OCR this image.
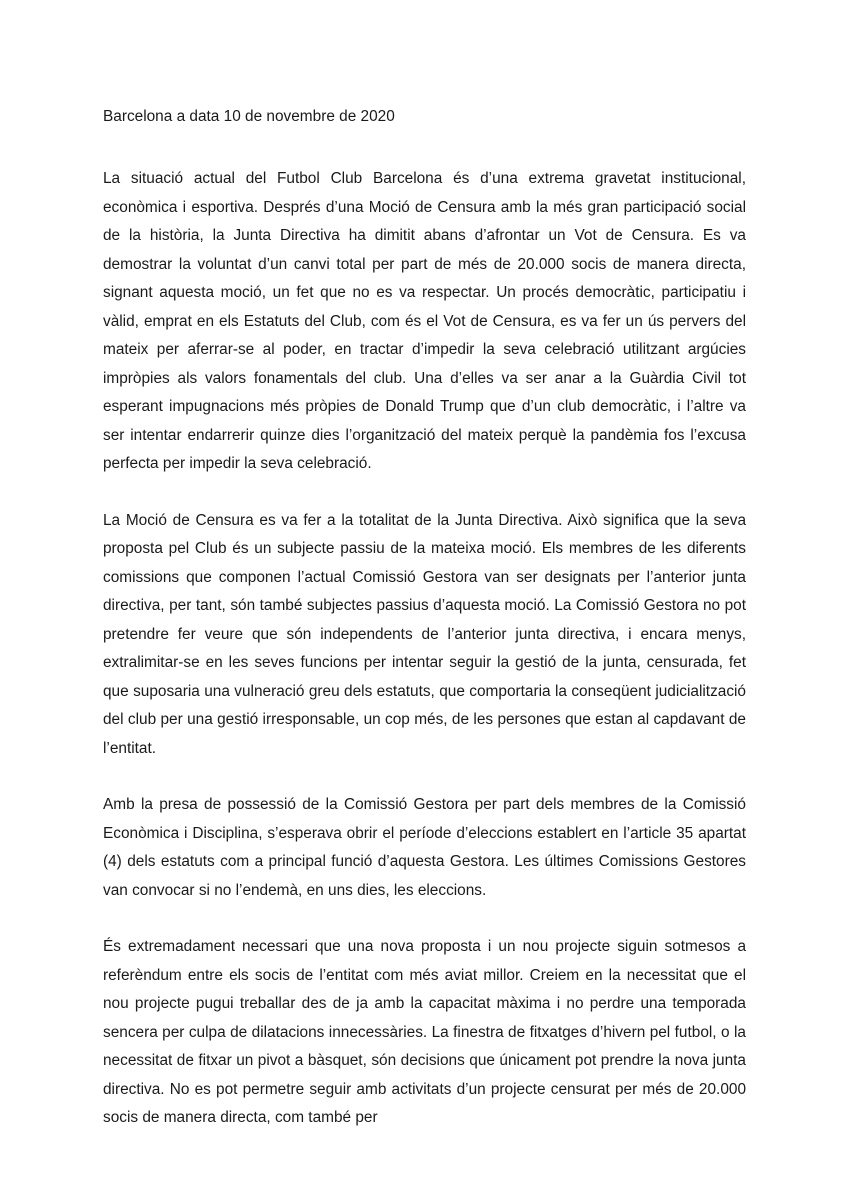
Barcelona a data 10 de novembre de 2020

La situació actual del Futbol Club Barcelona és d’una extrema gravetat institucional, econòmica i esportiva. Després d’una Moció de Censura amb la més gran participació social de la història, la Junta Directiva ha dimitit abans d’afrontar un Vot de Censura. Es va demostrar la voluntat d’un canvi total per part de més de 20.000 socis de manera directa, signant aquesta moció, un fet que no es va respectar. Un procés democràtic, participatiu i vàlid, emprat en els Estatuts del Club, com és el Vot de Censura, es va fer un ús pervers del mateix per aferrar-se al poder, en tractar d’impedir la seva celebració utilitzant argúcies impròpies als valors fonamentals del club. Una d’elles va ser anar a la Guàrdia Civil tot esperant impugnacions més pròpies de Donald Trump que d’un club democràtic, i l’altre va ser intentar endarrerir quinze dies l’organització del mateix perquè la pandèmia fos l’excusa perfecta per impedir la seva celebració.

La Moció de Censura es va fer a la totalitat de la Junta Directiva. Això significa que la seva proposta pel Club és un subjecte passiu de la mateixa moció. Els membres de les diferents comissions que componen l’actual Comissió Gestora van ser designats per l’anterior junta directiva, per tant, són també subjectes passius d’aquesta moció. La Comissió Gestora no pot pretendre fer veure que són independents de l’anterior junta directiva, i encara menys, extralimitar-se en les seves funcions per intentar seguir la gestió de la junta, censurada, fet que suposaria una vulneració greu dels estatuts, que comportaria la conseqüent judicialització del club per una gestió irresponsable, un cop més, de les persones que estan al capdavant de l’entitat.

Amb la presa de possessió de la Comissió Gestora per part dels membres de la Comissió Econòmica i Disciplina, s’esperava obrir el període d’eleccions establert en l’article 35 apartat (4) dels estatuts com a principal funció d’aquesta Gestora. Les últimes Comissions Gestores van convocar si no l’endemà, en uns dies, les eleccions.

És extremadament necessari que una nova proposta i un nou projecte siguin sotmesos a referèndum entre els socis de l’entitat com més aviat millor. Creiem en la necessitat que el nou projecte pugui treballar des de ja amb la capacitat màxima i no perdre una temporada sencera per culpa de dilatacions innecessàries. La finestra de fitxatges d’hivern pel futbol, o la necessitat de fitxar un pivot a bàsquet, són decisions que únicament pot prendre la nova junta directiva. No es pot permetre seguir amb activitats d’un projecte censurat per més de 20.000 socis de manera directa, com també per
